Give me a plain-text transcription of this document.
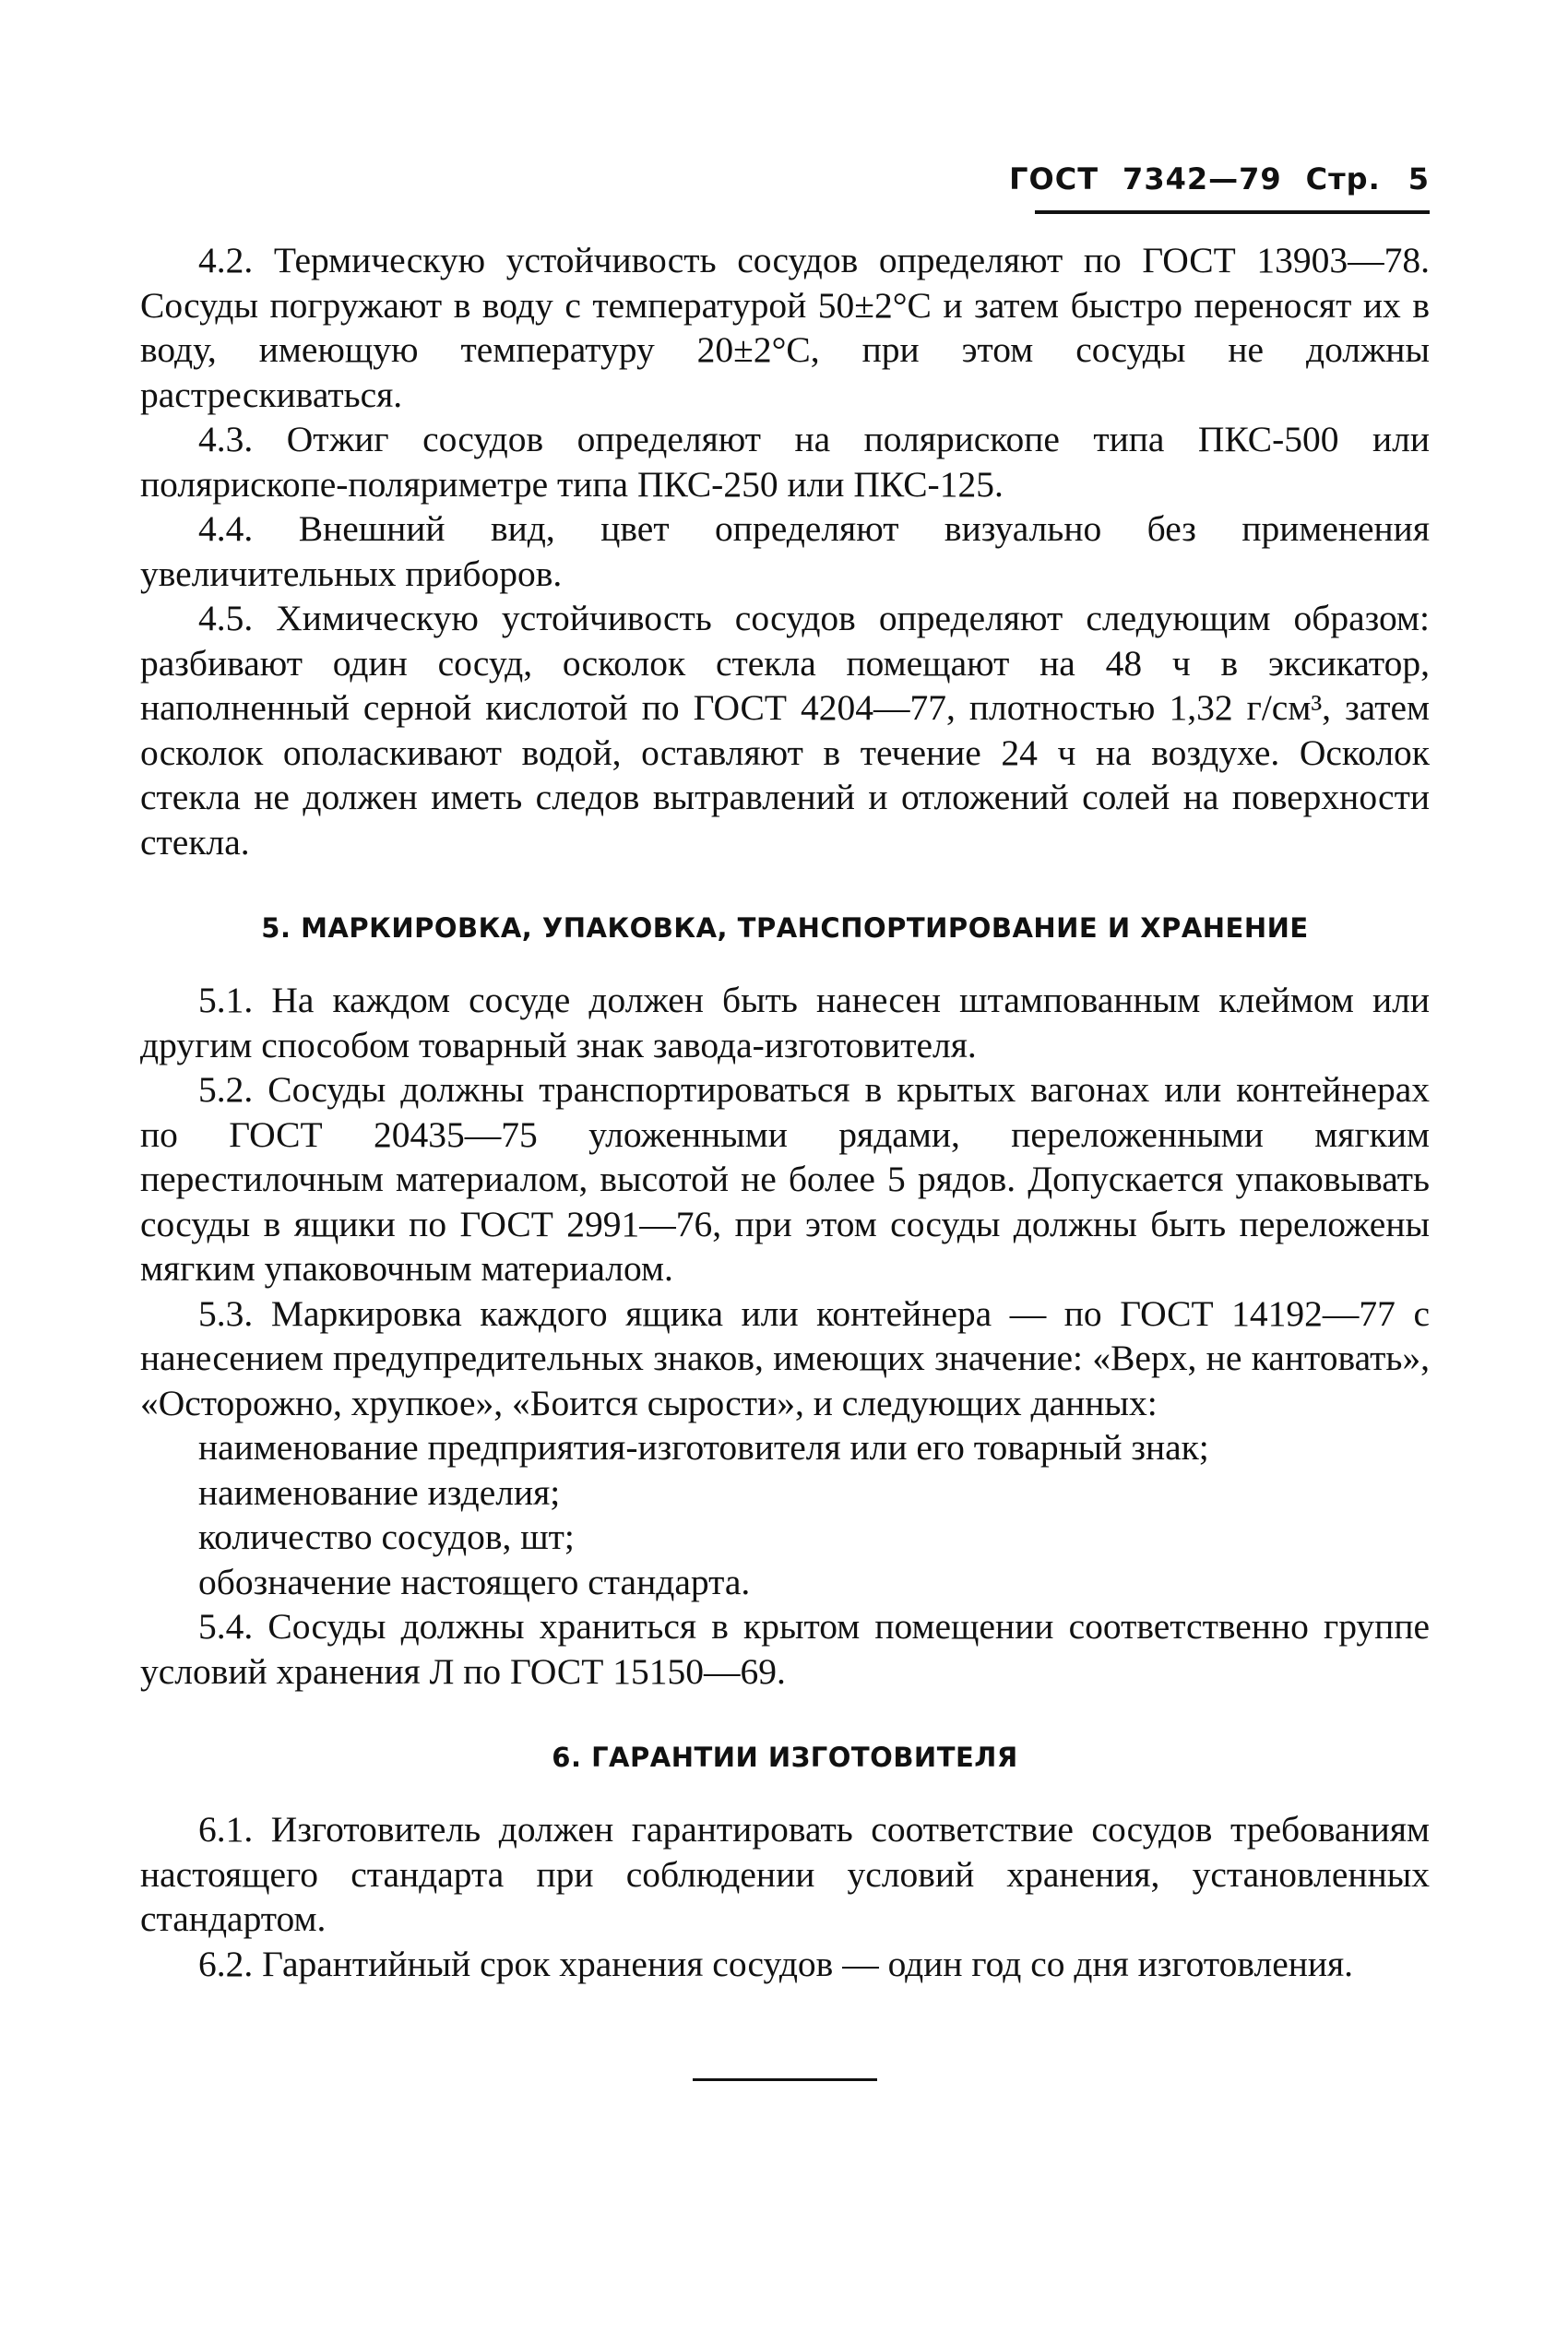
ГОСТ 7342—79 Стр. 5

4.2. Термическую устойчивость сосудов определяют по ГОСТ 13903—78. Сосуды погружают в воду с температурой 50±2°С и затем быстро переносят их в воду, имеющую температуру 20±2°С, при этом сосуды не должны растрескиваться.

4.3. Отжиг сосудов определяют на полярископе типа ПКС-500 или полярископе-поляриметре типа ПКС-250 или ПКС-125.

4.4. Внешний вид, цвет определяют визуально без применения увеличительных приборов.

4.5. Химическую устойчивость сосудов определяют следующим образом: разбивают один сосуд, осколок стекла помещают на 48 ч в эксикатор, наполненный серной кислотой по ГОСТ 4204—77, плотностью 1,32 г/см³, затем осколок ополаскивают водой, оставляют в течение 24 ч на воздухе. Осколок стекла не должен иметь следов вытравлений и отложений солей на поверхности стекла.

5. МАРКИРОВКА, УПАКОВКА, ТРАНСПОРТИРОВАНИЕ И ХРАНЕНИЕ

5.1. На каждом сосуде должен быть нанесен штампованным клеймом или другим способом товарный знак завода-изготовителя.

5.2. Сосуды должны транспортироваться в крытых вагонах или контейнерах по ГОСТ 20435—75 уложенными рядами, переложенными мягким перестилочным материалом, высотой не более 5 рядов. Допускается упаковывать сосуды в ящики по ГОСТ 2991—76, при этом сосуды должны быть переложены мягким упаковочным материалом.

5.3. Маркировка каждого ящика или контейнера — по ГОСТ 14192—77 с нанесением предупредительных знаков, имеющих значение: «Верх, не кантовать», «Осторожно, хрупкое», «Боится сырости», и следующих данных:

наименование предприятия-изготовителя или его товарный знак;

наименование изделия;

количество сосудов, шт;

обозначение настоящего стандарта.

5.4. Сосуды должны храниться в крытом помещении соответственно группе условий хранения Л по ГОСТ 15150—69.

6. ГАРАНТИИ ИЗГОТОВИТЕЛЯ

6.1. Изготовитель должен гарантировать соответствие сосудов требованиям настоящего стандарта при соблюдении условий хранения, установленных стандартом.

6.2. Гарантийный срок хранения сосудов — один год со дня изготовления.
